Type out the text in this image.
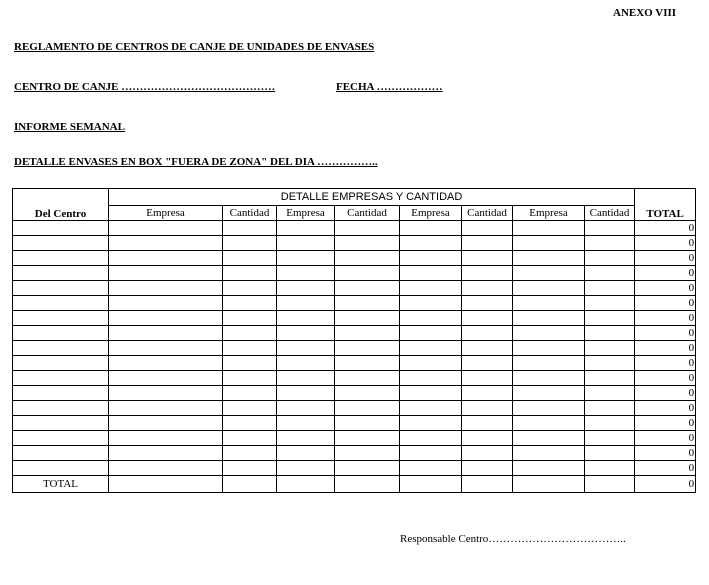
ANEXO VIII
REGLAMENTO DE CENTROS DE CANJE DE UNIDADES DE ENVASES
CENTRO DE CANJE ……………………………………	FECHA ………………
INFORME SEMANAL
DETALLE ENVASES EN BOX "FUERA DE ZONA" DEL DIA ……………..
Del Centro	DETALLE EMPRESAS Y CANTIDAD								TOTAL
	Empresa	Cantidad	Empresa	Cantidad	Empresa	Cantidad	Empresa	Cantidad	
									0
									0
									0
									0
									0
									0
									0
									0
									0
									0
									0
									0
									0
									0
									0
									0
									0
TOTAL									0
Responsable Centro………………………………..
